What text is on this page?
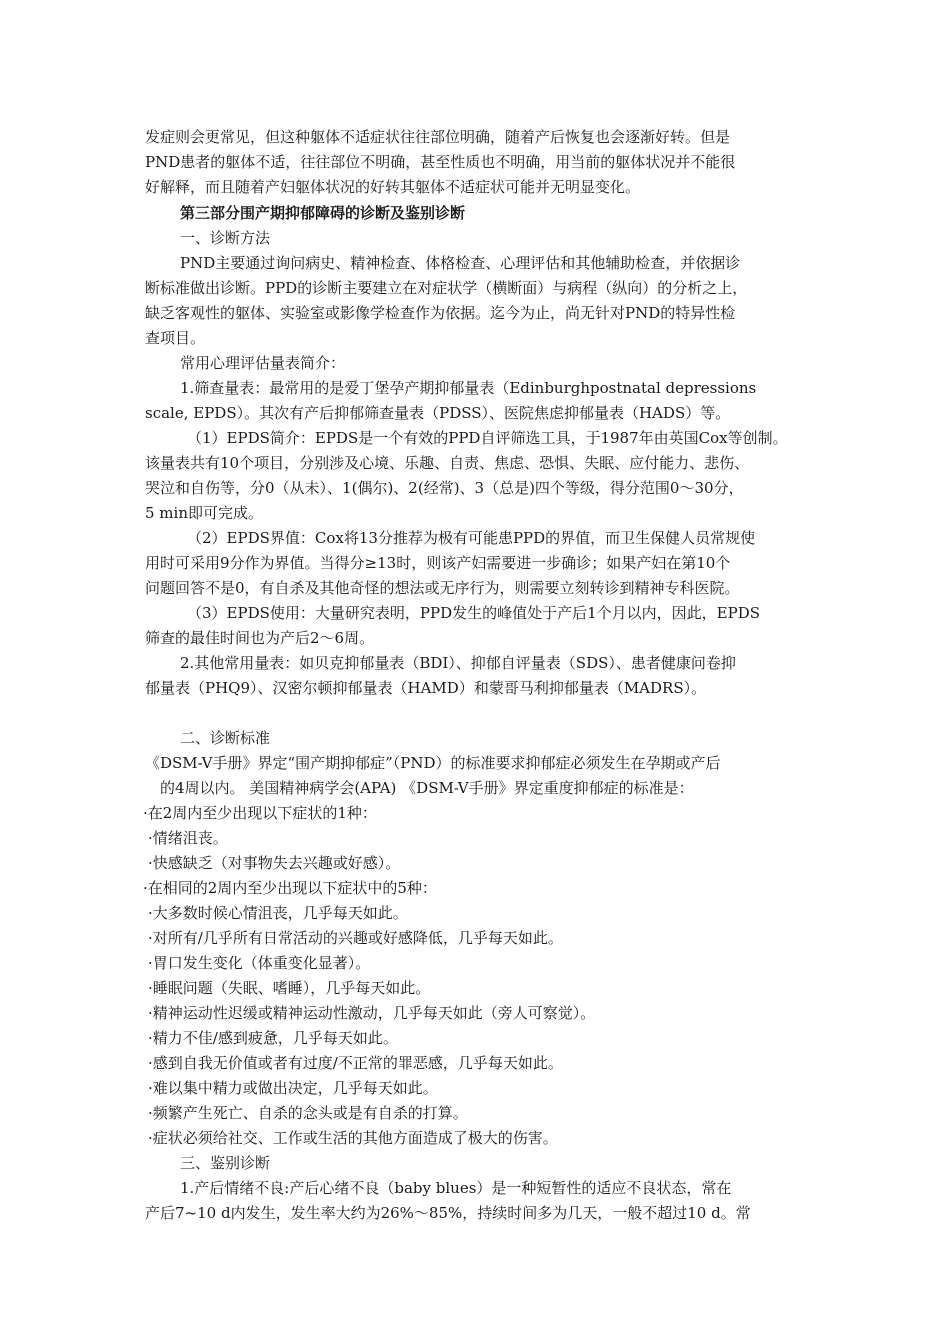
发症则会更常见，但这种躯体不适症状往往部位明确，随着产后恢复也会逐渐好转。但是
PND患者的躯体不适，往往部位不明确，甚至性质也不明确，用当前的躯体状况并不能很
好解释，而且随着产妇躯体状况的好转其躯体不适症状可能并无明显变化。
第三部分围产期抑郁障碍的诊断及鉴别诊断
一、诊断方法
PND主要通过询问病史、精神检查、体格检查、心理评估和其他辅助检查，并依据诊
断标准做出诊断。PPD的诊断主要建立在对症状学（横断面）与病程（纵向）的分析之上，
缺乏客观性的躯体、实验室或影像学检查作为依据。迄今为止，尚无针对PND的特异性检
查项目。
常用心理评估量表简介：
1.筛查量表：最常用的是爱丁堡孕产期抑郁量表（Edinburghpostnatal depressions
scale, EPDS）。其次有产后抑郁筛查量表（PDSS）、医院焦虑抑郁量表（HADS）等。
（1）EPDS简介：EPDS是一个有效的PPD自评筛选工具，于1987年由英国Cox等创制。
该量表共有10个项目，分别涉及心境、乐趣、自责、焦虑、恐惧、失眠、应付能力、悲伤、
哭泣和自伤等，分0（从未）、1(偶尔)、2(经常)、3（总是)四个等级，得分范围0～30分，
5 min即可完成。
（2）EPDS界值：Cox将13分推荐为极有可能患PPD的界值，而卫生保健人员常规使
用时可采用9分作为界值。当得分≥13时，则该产妇需要进一步确诊；如果产妇在第10个
问题回答不是0，有自杀及其他奇怪的想法或无序行为，则需要立刻转诊到精神专科医院。
（3）EPDS使用：大量研究表明，PPD发生的峰值处于产后1个月以内，因此，EPDS
筛查的最佳时间也为产后2～6周。
2.其他常用量表：如贝克抑郁量表（BDI）、抑郁自评量表（SDS）、患者健康问卷抑
郁量表（PHQ9）、汉密尔顿抑郁量表（HAMD）和蒙哥马利抑郁量表（MADRS）。
二、诊断标准
《DSM-V手册》界定“围产期抑郁症”（PND）的标准要求抑郁症必须发生在孕期或产后
的4周以内。 美国精神病学会(APA) 《DSM-V手册》界定重度抑郁症的标准是：
·在2周内至少出现以下症状的1种：
·情绪沮丧。
·快感缺乏（对事物失去兴趣或好感）。
·在相同的2周内至少出现以下症状中的5种：
·大多数时候心情沮丧，几乎每天如此。
·对所有/几乎所有日常活动的兴趣或好感降低，几乎每天如此。
·胃口发生变化（体重变化显著）。
·睡眠问题（失眠、嗜睡），几乎每天如此。
·精神运动性迟缓或精神运动性激动，几乎每天如此（旁人可察觉）。
·精力不佳/感到疲惫，几乎每天如此。
·感到自我无价值或者有过度/不正常的罪恶感，几乎每天如此。
·难以集中精力或做出决定，几乎每天如此。
·频繁产生死亡、自杀的念头或是有自杀的打算。
·症状必须给社交、工作或生活的其他方面造成了极大的伤害。
三、鉴别诊断
1.产后情绪不良:产后心绪不良（baby blues）是一种短暂性的适应不良状态，常在
产后7~10 d内发生，发生率大约为26%～85%，持续时间多为几天，一般不超过10 d。常
